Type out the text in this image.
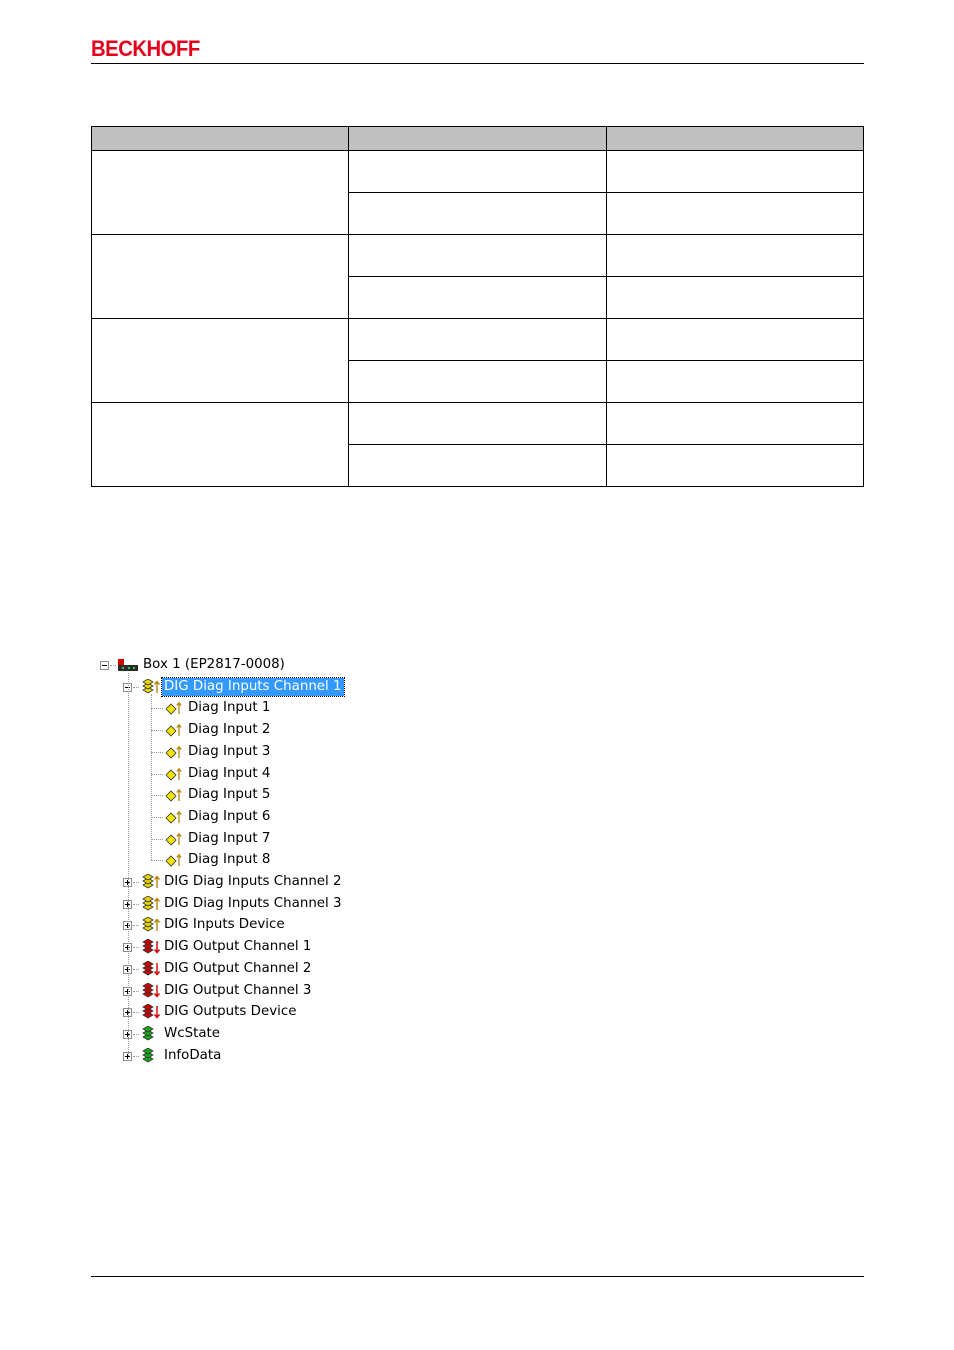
BECKHOFF

Box 1 (EP2817-0008)
DIG Diag Inputs Channel 1
Diag Input 1
Diag Input 2
Diag Input 3
Diag Input 4
Diag Input 5
Diag Input 6
Diag Input 7
Diag Input 8
DIG Diag Inputs Channel 2
DIG Diag Inputs Channel 3
DIG Inputs Device
DIG Output Channel 1
DIG Output Channel 2
DIG Output Channel 3
DIG Outputs Device
WcState
InfoData
